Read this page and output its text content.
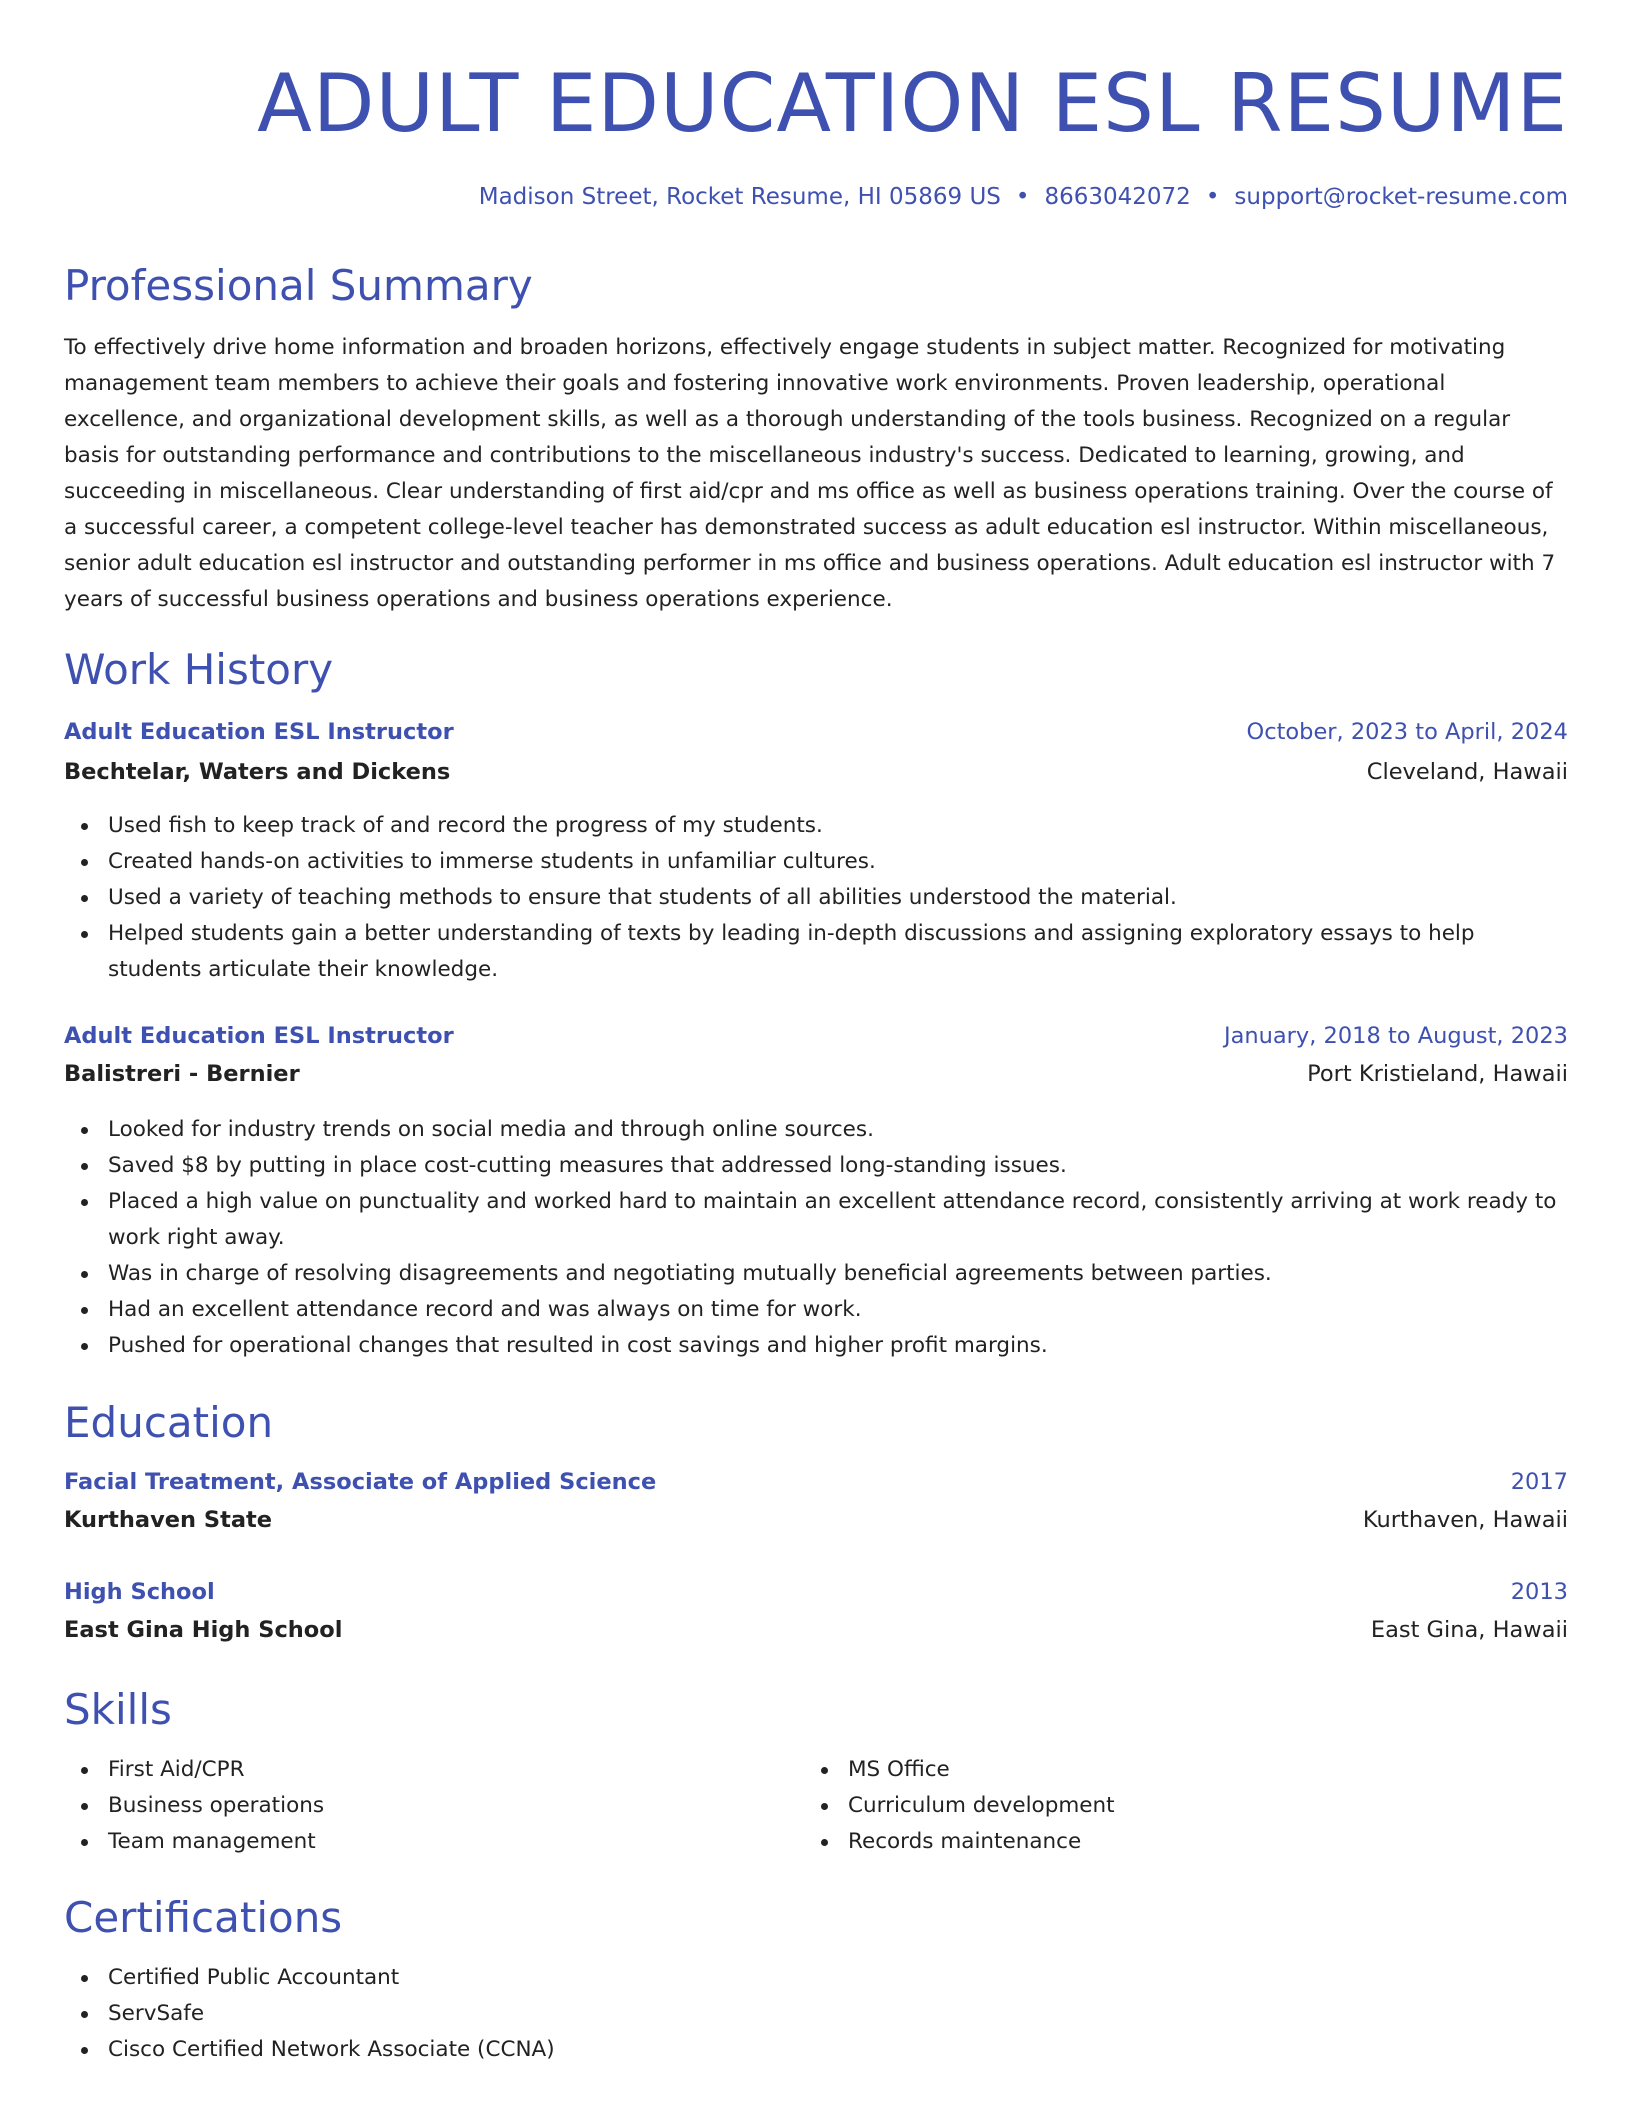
ADULT EDUCATION ESL RESUME
Madison Street, Rocket Resume, HI 05869 US • 8663042072 • support@rocket-resume.com
Professional Summary
To effectively drive home information and broaden horizons, effectively engage students in subject matter. Recognized for motivating management team members to achieve their goals and fostering innovative work environments. Proven leadership, operational excellence, and organizational development skills, as well as a thorough understanding of the tools business. Recognized on a regular basis for outstanding performance and contributions to the miscellaneous industry's success. Dedicated to learning, growing, and succeeding in miscellaneous. Clear understanding of first aid/cpr and ms office as well as business operations training. Over the course of a successful career, a competent college-level teacher has demonstrated success as adult education esl instructor. Within miscellaneous, senior adult education esl instructor and outstanding performer in ms office and business operations. Adult education esl instructor with 7 years of successful business operations and business operations experience.
Work History
Adult Education ESL Instructor	October, 2023 to April, 2024
Bechtelar, Waters and Dickens	Cleveland, Hawaii
Used fish to keep track of and record the progress of my students.
Created hands-on activities to immerse students in unfamiliar cultures.
Used a variety of teaching methods to ensure that students of all abilities understood the material.
Helped students gain a better understanding of texts by leading in-depth discussions and assigning exploratory essays to help students articulate their knowledge.
Adult Education ESL Instructor	January, 2018 to August, 2023
Balistreri - Bernier	Port Kristieland, Hawaii
Looked for industry trends on social media and through online sources.
Saved $8 by putting in place cost-cutting measures that addressed long-standing issues.
Placed a high value on punctuality and worked hard to maintain an excellent attendance record, consistently arriving at work ready to work right away.
Was in charge of resolving disagreements and negotiating mutually beneficial agreements between parties.
Had an excellent attendance record and was always on time for work.
Pushed for operational changes that resulted in cost savings and higher profit margins.
Education
Facial Treatment, Associate of Applied Science	2017
Kurthaven State	Kurthaven, Hawaii
High School	2013
East Gina High School	East Gina, Hawaii
Skills
First Aid/CPR
Business operations
Team management
MS Office
Curriculum development
Records maintenance
Certifications
Certified Public Accountant
ServSafe
Cisco Certified Network Associate (CCNA)
